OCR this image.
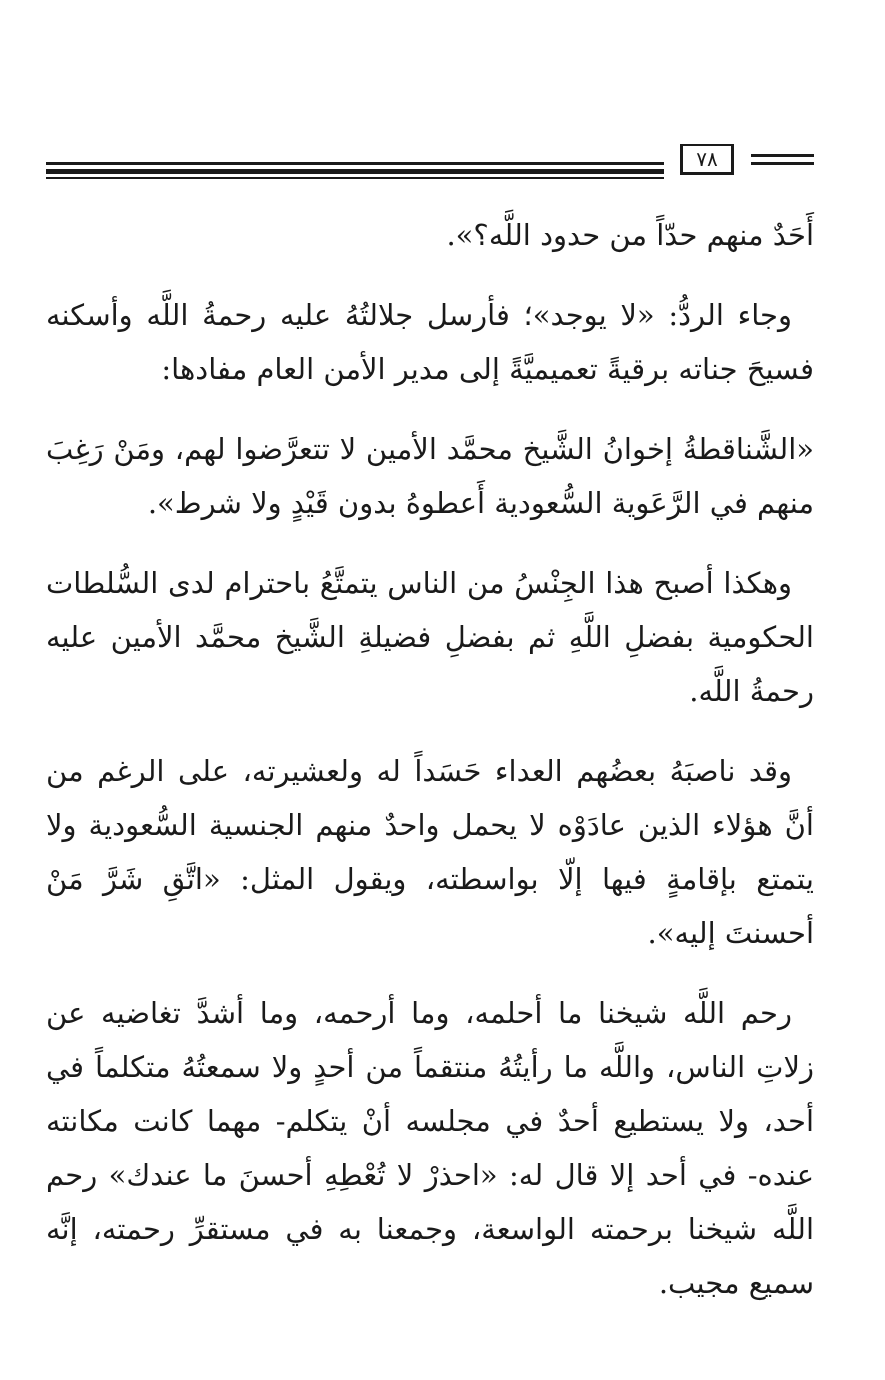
٧٨

أَحَدٌ منهم حدّاً من حدود اللَّه؟».

وجاء الردُّ: «لا يوجد»؛ فأرسل جلالتُهُ عليه رحمةُ اللَّه وأسكنه فسيحَ جناته برقيةً تعميميَّةً إلى مدير الأمن العام مفادها:

«الشَّناقطةُ إخوانُ الشَّيخ محمَّد الأمين لا تتعرَّضوا لهم، ومَنْ رَغِبَ منهم في الرَّعَوية السُّعودية أَعطوهُ بدون قَيْدٍ ولا شرط».

وهكذا أصبح هذا الجِنْسُ من الناس يتمتَّعُ باحترام لدى السُّلطات الحكومية بفضلِ اللَّهِ ثم بفضلِ فضيلةِ الشَّيخ محمَّد الأمين عليه رحمةُ اللَّه.

وقد ناصبَهُ بعضُهم العداء حَسَداً له ولعشيرته، على الرغم من أنَّ هؤلاء الذين عادَوْه لا يحمل واحدٌ منهم الجنسية السُّعودية ولا يتمتع بإقامةٍ فيها إلّا بواسطته، ويقول المثل: «اتَّقِ شَرَّ مَنْ أحسنتَ إليه».

رحم اللَّه شيخنا ما أحلمه، وما أرحمه، وما أشدَّ تغاضيه عن زلاتِ الناس، واللَّه ما رأيتُهُ منتقماً من أحدٍ ولا سمعتُهُ متكلماً في أحد، ولا يستطيع أحدٌ في مجلسه أنْ يتكلم- مهما كانت مكانته عنده- في أحد إلا قال له: «احذرْ لا تُعْطِهِ أحسنَ ما عندك» رحم اللَّه شيخنا برحمته الواسعة، وجمعنا به في مستقرِّ رحمته، إنَّه سميع مجيب.
